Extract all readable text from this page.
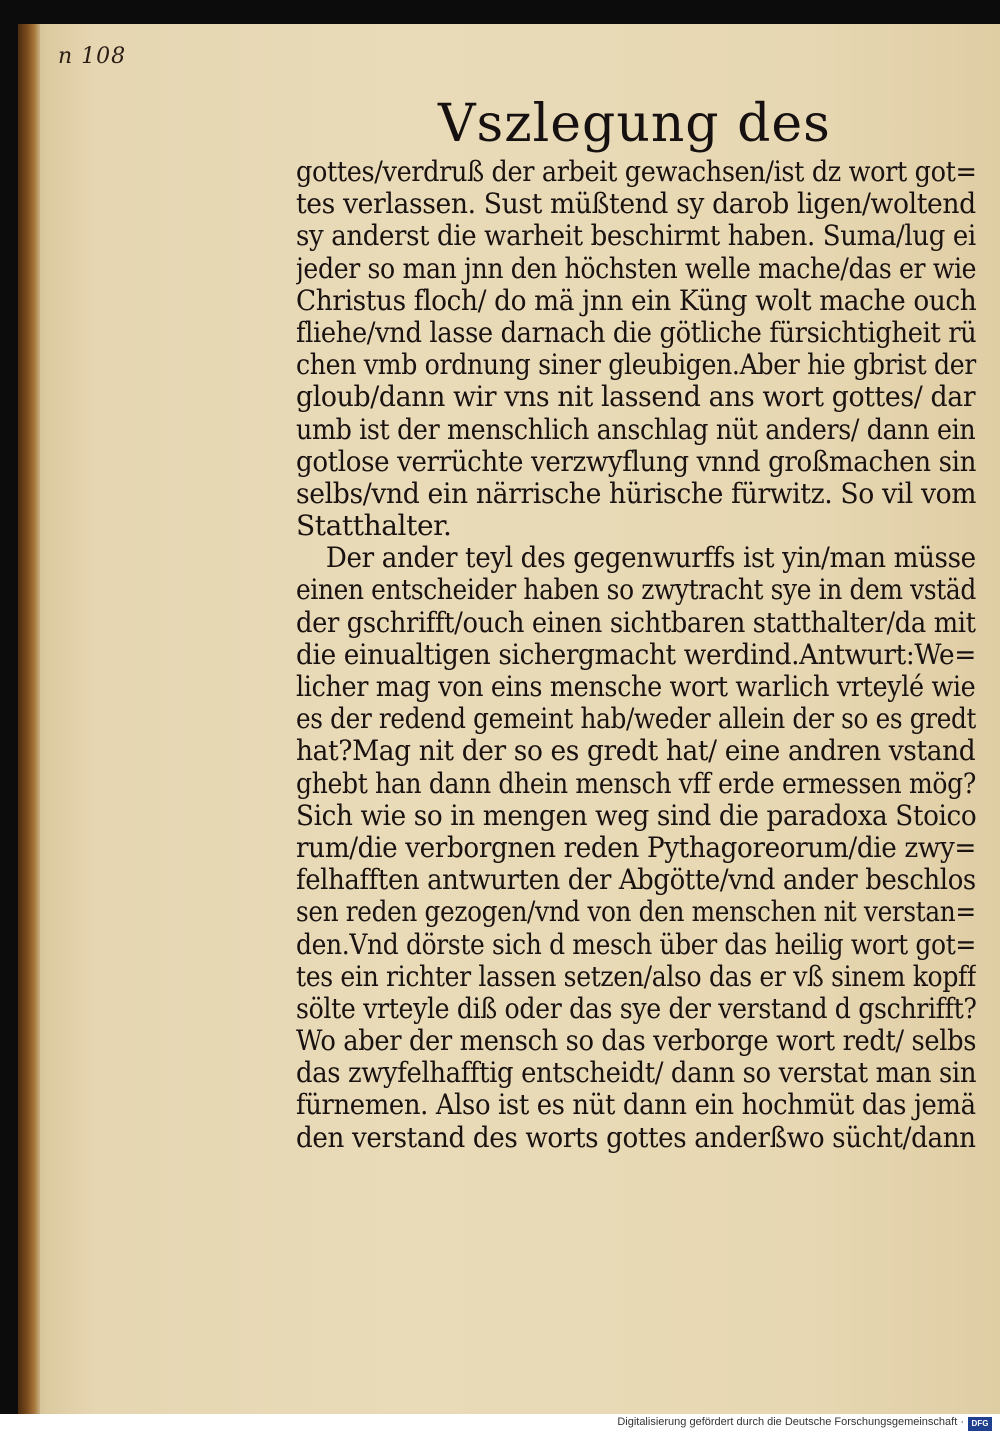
n 108
Vszlegung des
gottes/verdruß der arbeit gewachsen/ist dz wort got=
tes verlassen. Sust müßtend sy darob ligen/woltend
sy anderst die warheit beschirmt haben. Suma/lug ei
jeder so man jnn den höchsten welle mache/das er wie
Christus floch/ do mä jnn ein Küng wolt mache ouch
fliehe/vnd lasse darnach die götliche fürsichtigheit rü
chen vmb ordnung siner gleubigen.Aber hie gbrist der
gloub/dann wir vns nit lassend ans wort gottes/ dar
umb ist der menschlich anschlag nüt anders/ dann ein
gotlose verrüchte verzwyflung vnnd großmachen sin
selbs/vnd ein närrische hürische fürwitz. So vil vom
Statthalter.
Der ander teyl des gegenwurffs ist yin/man müsse
einen entscheider haben so zwytracht sye in dem vstäd
der gschrifft/ouch einen sichtbaren statthalter/da mit
die einualtigen sichergmacht werdind.Antwurt:We=
licher mag von eins mensche wort warlich vrteylé wie
es der redend gemeint hab/weder allein der so es gredt
hat?Mag nit der so es gredt hat/ eine andren vstand
ghebt han dann dhein mensch vff erde ermessen mög?
Sich wie so in mengen weg sind die paradoxa Stoico
rum/die verborgnen reden Pythagoreorum/die zwy=
felhafften antwurten der Abgötte/vnd ander beschlos
sen reden gezogen/vnd von den menschen nit verstan=
den.Vnd dörste sich d mesch über das heilig wort got=
tes ein richter lassen setzen/also das er vß sinem kopff
sölte vrteyle diß oder das sye der verstand d gschrifft?
Wo aber der mensch so das verborge wort redt/ selbs
das zwyfelhafftig entscheidt/ dann so verstat man sin
fürnemen. Also ist es nüt dann ein hochmüt das jemä
den verstand des worts gottes anderßwo sücht/dann
Digitalisierung gefördert durch die Deutsche Forschungsgemeinschaft · DFG
